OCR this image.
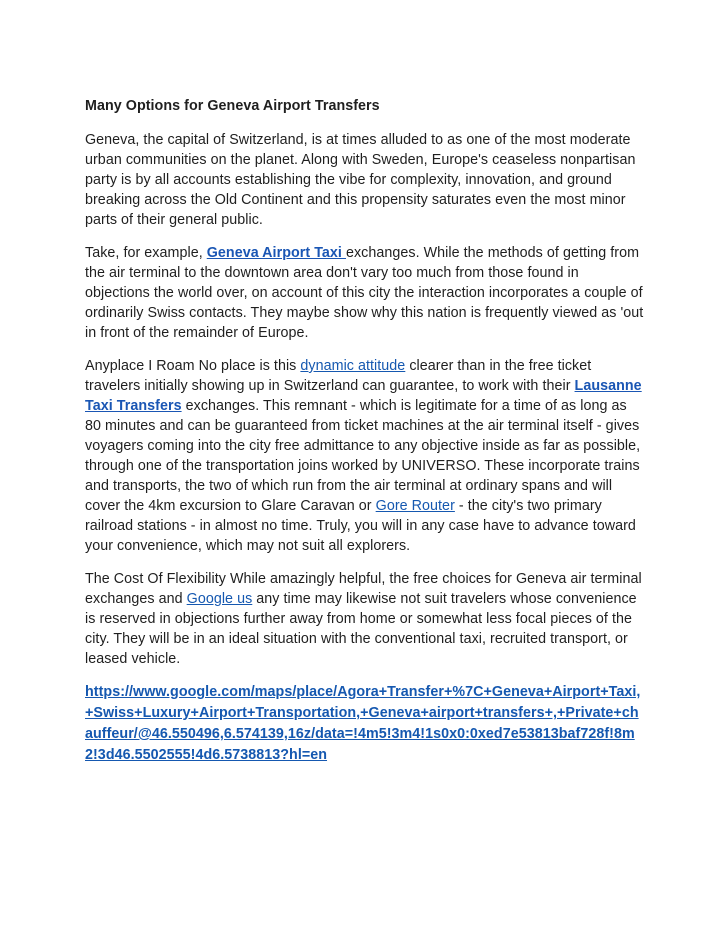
Many Options for Geneva Airport Transfers

Geneva, the capital of Switzerland, is at times alluded to as one of the most moderate urban communities on the planet. Along with Sweden, Europe's ceaseless nonpartisan party is by all accounts establishing the vibe for complexity, innovation, and ground breaking across the Old Continent and this propensity saturates even the most minor parts of their general public.

Take, for example, Geneva Airport Taxi exchanges. While the methods of getting from the air terminal to the downtown area don't vary too much from those found in objections the world over, on account of this city the interaction incorporates a couple of ordinarily Swiss contacts. They maybe show why this nation is frequently viewed as 'out in front of the remainder of Europe.

Anyplace I Roam No place is this dynamic attitude clearer than in the free ticket travelers initially showing up in Switzerland can guarantee, to work with their Lausanne Taxi Transfers exchanges. This remnant - which is legitimate for a time of as long as 80 minutes and can be guaranteed from ticket machines at the air terminal itself - gives voyagers coming into the city free admittance to any objective inside as far as possible, through one of the transportation joins worked by UNIVERSO. These incorporate trains and transports, the two of which run from the air terminal at ordinary spans and will cover the 4km excursion to Glare Caravan or Gore Router - the city's two primary railroad stations - in almost no time. Truly, you will in any case have to advance toward your convenience, which may not suit all explorers.

The Cost Of Flexibility While amazingly helpful, the free choices for Geneva air terminal exchanges and Google us any time may likewise not suit travelers whose convenience is reserved in objections further away from home or somewhat less focal pieces of the city. They will be in an ideal situation with the conventional taxi, recruited transport, or leased vehicle.

https://www.google.com/maps/place/Agora+Transfer+%7C+Geneva+Airport+Taxi,+Swiss+Luxury+Airport+Transportation,+Geneva+airport+transfers+,+Private+chauffeur/@46.550496,6.574139,16z/data=!4m5!3m4!1s0x0:0xed7e53813baf728f!8m2!3d46.5502555!4d6.5738813?hl=en
